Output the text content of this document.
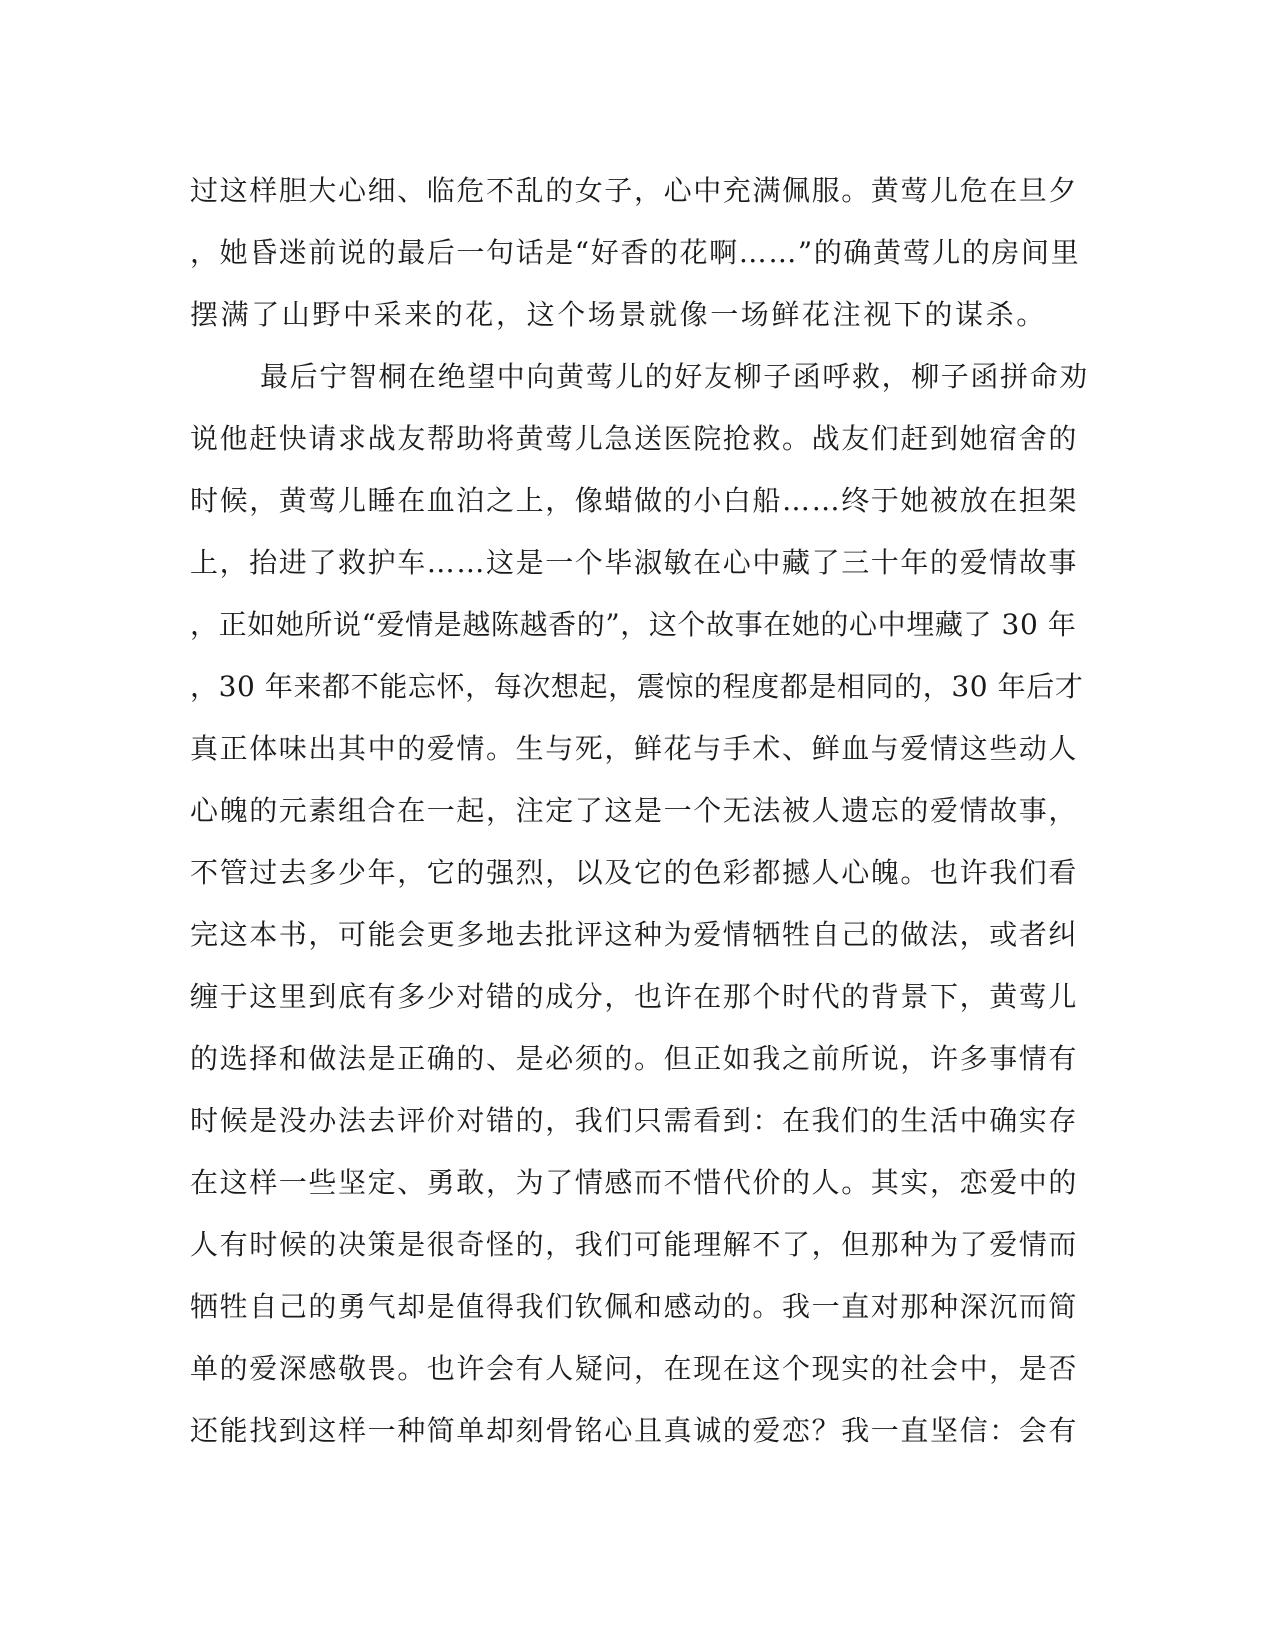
过这样胆大心细、临危不乱的女子，心中充满佩服。黄莺儿危在旦夕
，她昏迷前说的最后一句话是“好香的花啊……”的确黄莺儿的房间里
摆满了山野中采来的花，这个场景就像一场鲜花注视下的谋杀。
最后宁智桐在绝望中向黄莺儿的好友柳子函呼救，柳子函拼命劝
说他赶快请求战友帮助将黄莺儿急送医院抢救。战友们赶到她宿舍的
时候，黄莺儿睡在血泊之上，像蜡做的小白船……终于她被放在担架
上，抬进了救护车……这是一个毕淑敏在心中藏了三十年的爱情故事
，正如她所说“爱情是越陈越香的”，这个故事在她的心中埋藏了 30 年
，30 年来都不能忘怀，每次想起，震惊的程度都是相同的，30 年后才
真正体味出其中的爱情。生与死，鲜花与手术、鲜血与爱情这些动人
心魄的元素组合在一起，注定了这是一个无法被人遗忘的爱情故事，
不管过去多少年，它的强烈，以及它的色彩都撼人心魄。也许我们看
完这本书，可能会更多地去批评这种为爱情牺牲自己的做法，或者纠
缠于这里到底有多少对错的成分，也许在那个时代的背景下，黄莺儿
的选择和做法是正确的、是必须的。但正如我之前所说，许多事情有
时候是没办法去评价对错的，我们只需看到：在我们的生活中确实存
在这样一些坚定、勇敢，为了情感而不惜代价的人。其实，恋爱中的
人有时候的决策是很奇怪的，我们可能理解不了，但那种为了爱情而
牺牲自己的勇气却是值得我们钦佩和感动的。我一直对那种深沉而简
单的爱深感敬畏。也许会有人疑问，在现在这个现实的社会中，是否
还能找到这样一种简单却刻骨铭心且真诚的爱恋？我一直坚信：会有
